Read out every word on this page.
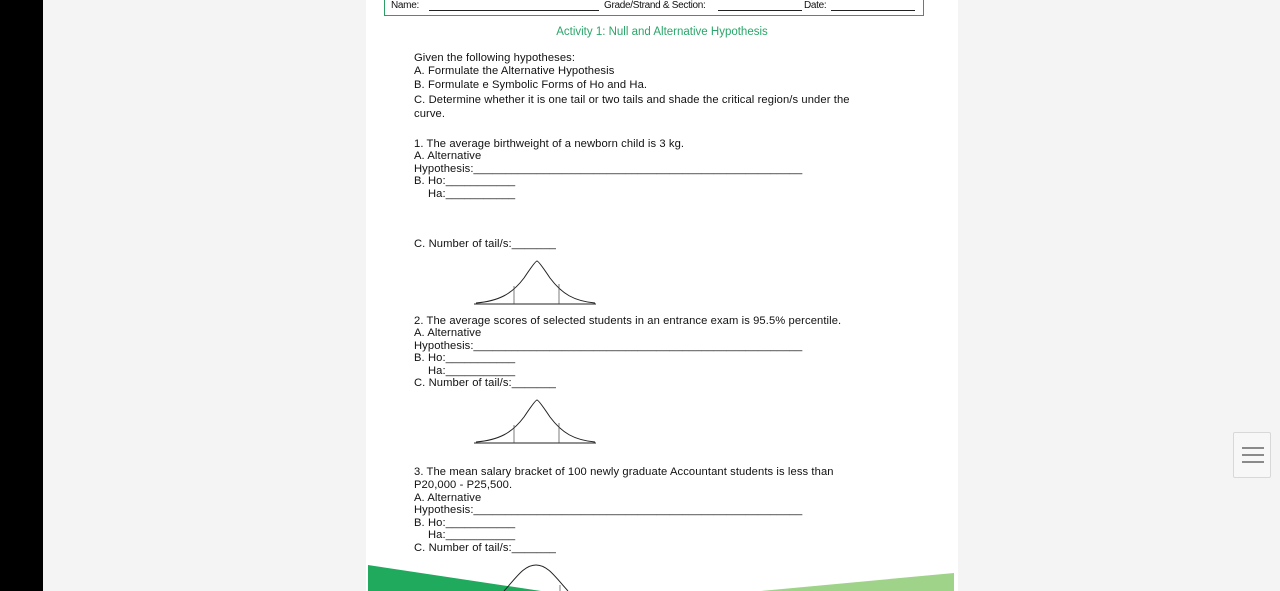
Name:	Grade/Strand & Section:	Date:
Activity 1: Null and Alternative Hypothesis
Given the following hypotheses:
A. Formulate the Alternative Hypothesis
B. Formulate e Symbolic Forms of Ho and Ha.
C. Determine whether it is one tail or two tails and shade the critical region/s under the
curve.
1. The average birthweight of a newborn child is 3 kg.
A. Alternative
Hypothesis:____________________________________________________
B. Ho:___________
Ha:___________
C. Number of tail/s:_______
2. The average scores of selected students in an entrance exam is 95.5% percentile.
A. Alternative
Hypothesis:____________________________________________________
B. Ho:___________
Ha:___________
C. Number of tail/s:_______
3. The mean salary bracket of 100 newly graduate Accountant students is less than
P20,000 - P25,500.
A. Alternative
Hypothesis:____________________________________________________
B. Ho:___________
Ha:___________
C. Number of tail/s:_______
